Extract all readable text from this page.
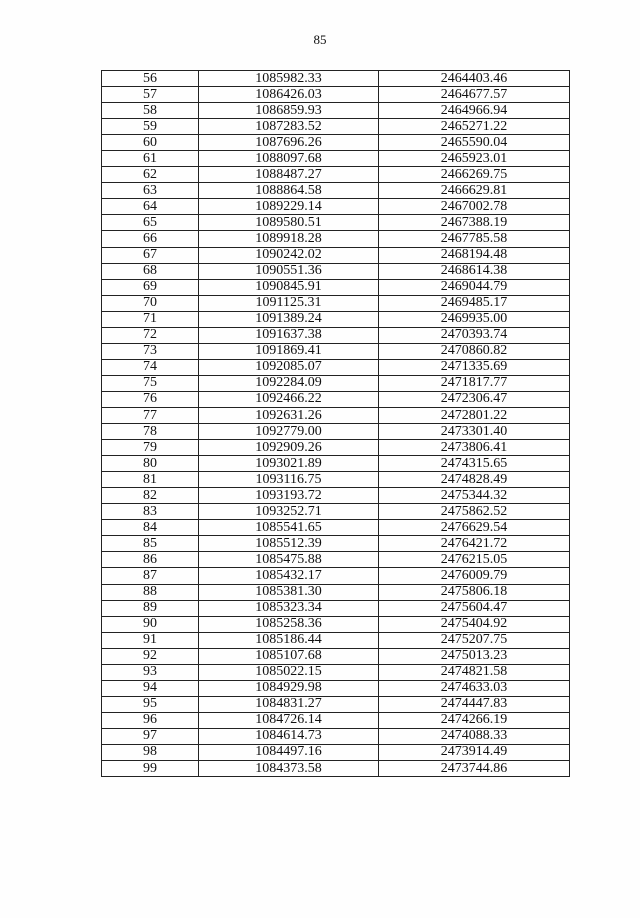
85
56	1085982.33	2464403.46
57	1086426.03	2464677.57
58	1086859.93	2464966.94
59	1087283.52	2465271.22
60	1087696.26	2465590.04
61	1088097.68	2465923.01
62	1088487.27	2466269.75
63	1088864.58	2466629.81
64	1089229.14	2467002.78
65	1089580.51	2467388.19
66	1089918.28	2467785.58
67	1090242.02	2468194.48
68	1090551.36	2468614.38
69	1090845.91	2469044.79
70	1091125.31	2469485.17
71	1091389.24	2469935.00
72	1091637.38	2470393.74
73	1091869.41	2470860.82
74	1092085.07	2471335.69
75	1092284.09	2471817.77
76	1092466.22	2472306.47
77	1092631.26	2472801.22
78	1092779.00	2473301.40
79	1092909.26	2473806.41
80	1093021.89	2474315.65
81	1093116.75	2474828.49
82	1093193.72	2475344.32
83	1093252.71	2475862.52
84	1085541.65	2476629.54
85	1085512.39	2476421.72
86	1085475.88	2476215.05
87	1085432.17	2476009.79
88	1085381.30	2475806.18
89	1085323.34	2475604.47
90	1085258.36	2475404.92
91	1085186.44	2475207.75
92	1085107.68	2475013.23
93	1085022.15	2474821.58
94	1084929.98	2474633.03
95	1084831.27	2474447.83
96	1084726.14	2474266.19
97	1084614.73	2474088.33
98	1084497.16	2473914.49
99	1084373.58	2473744.86
